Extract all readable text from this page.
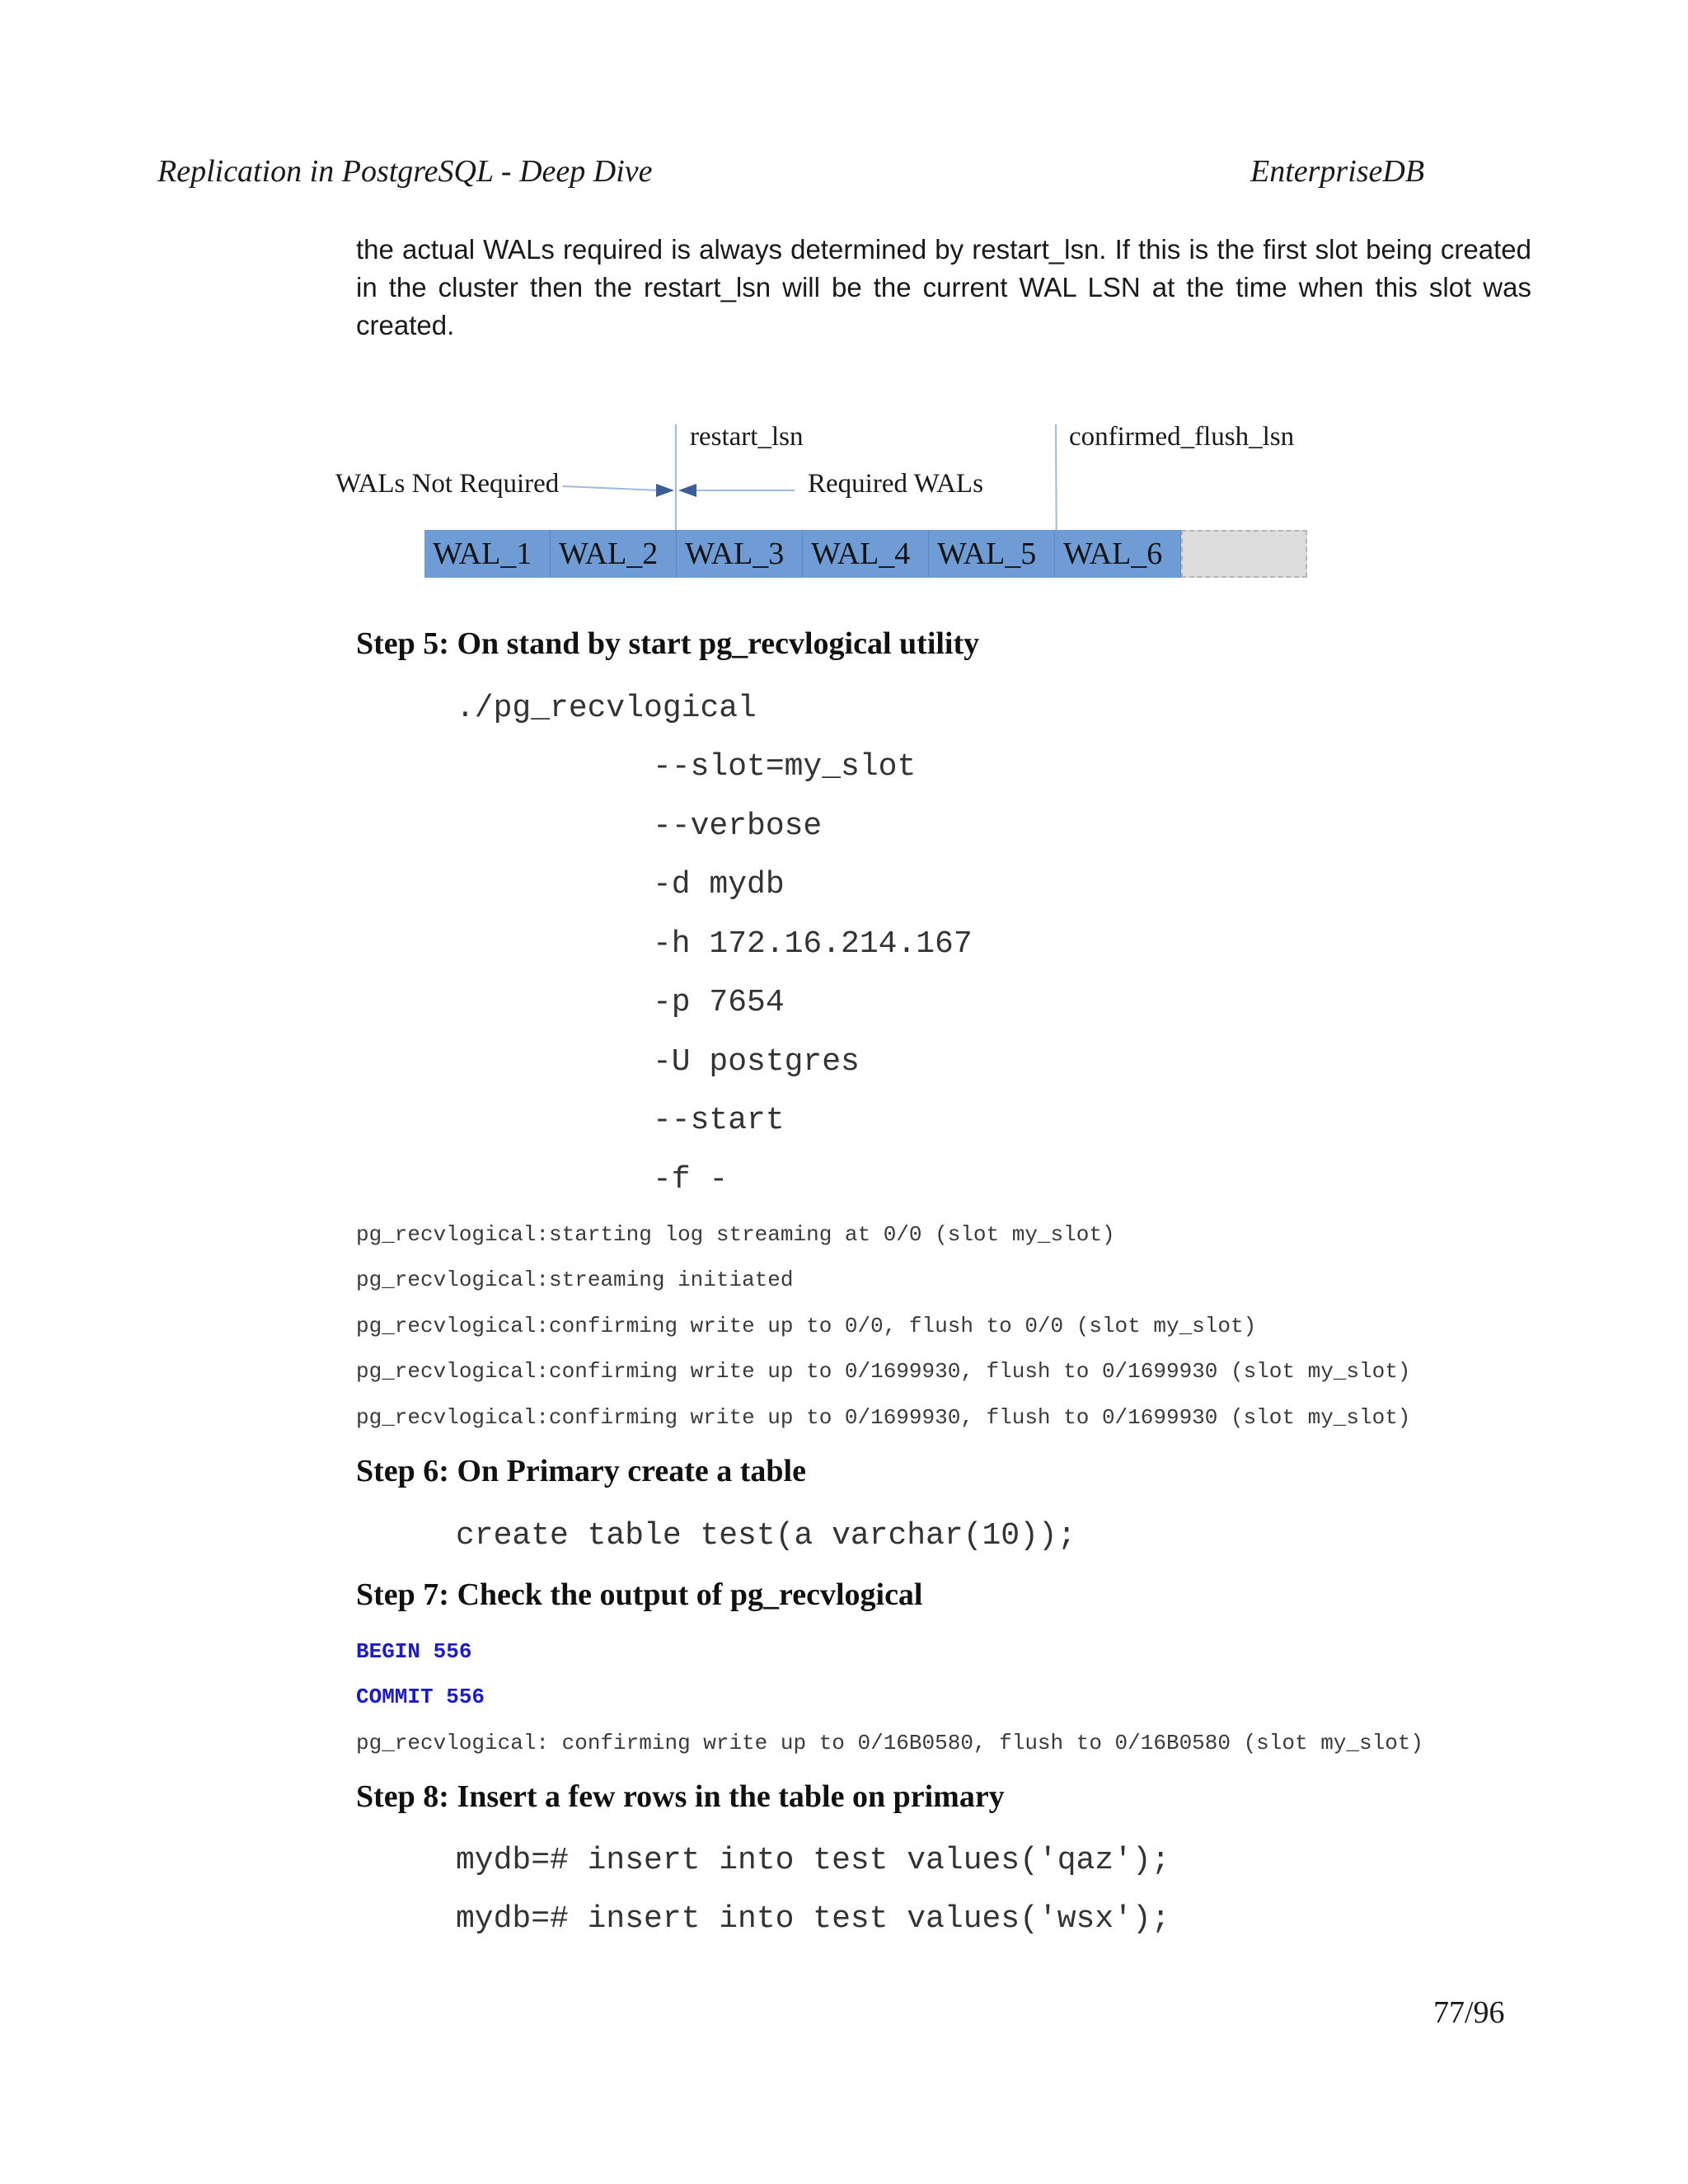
Replication in PostgreSQL - Deep Dive	EnterpriseDB
the actual WALs required is always determined by restart_lsn. If this is the first slot being created in the cluster then the restart_lsn will be the current WAL LSN at the time when this slot was created.
restart_lsn	confirmed_flush_lsn
WALs Not Required	Required WALs
WAL_1 WAL_2 WAL_3 WAL_4 WAL_5 WAL_6
Step 5: On stand by start pg_recvlogical utility
./pg_recvlogical
--slot=my_slot
--verbose
-d mydb
-h 172.16.214.167
-p 7654
-U postgres
--start
-f -
pg_recvlogical:starting log streaming at 0/0 (slot my_slot)
pg_recvlogical:streaming initiated
pg_recvlogical:confirming write up to 0/0, flush to 0/0 (slot my_slot)
pg_recvlogical:confirming write up to 0/1699930, flush to 0/1699930 (slot my_slot)
pg_recvlogical:confirming write up to 0/1699930, flush to 0/1699930 (slot my_slot)
Step 6: On Primary create a table
create table test(a varchar(10));
Step 7: Check the output of pg_recvlogical
BEGIN 556
COMMIT 556
pg_recvlogical: confirming write up to 0/16B0580, flush to 0/16B0580 (slot my_slot)
Step 8: Insert a few rows in the table on primary
mydb=# insert into test values('qaz');
mydb=# insert into test values('wsx');
77/96
